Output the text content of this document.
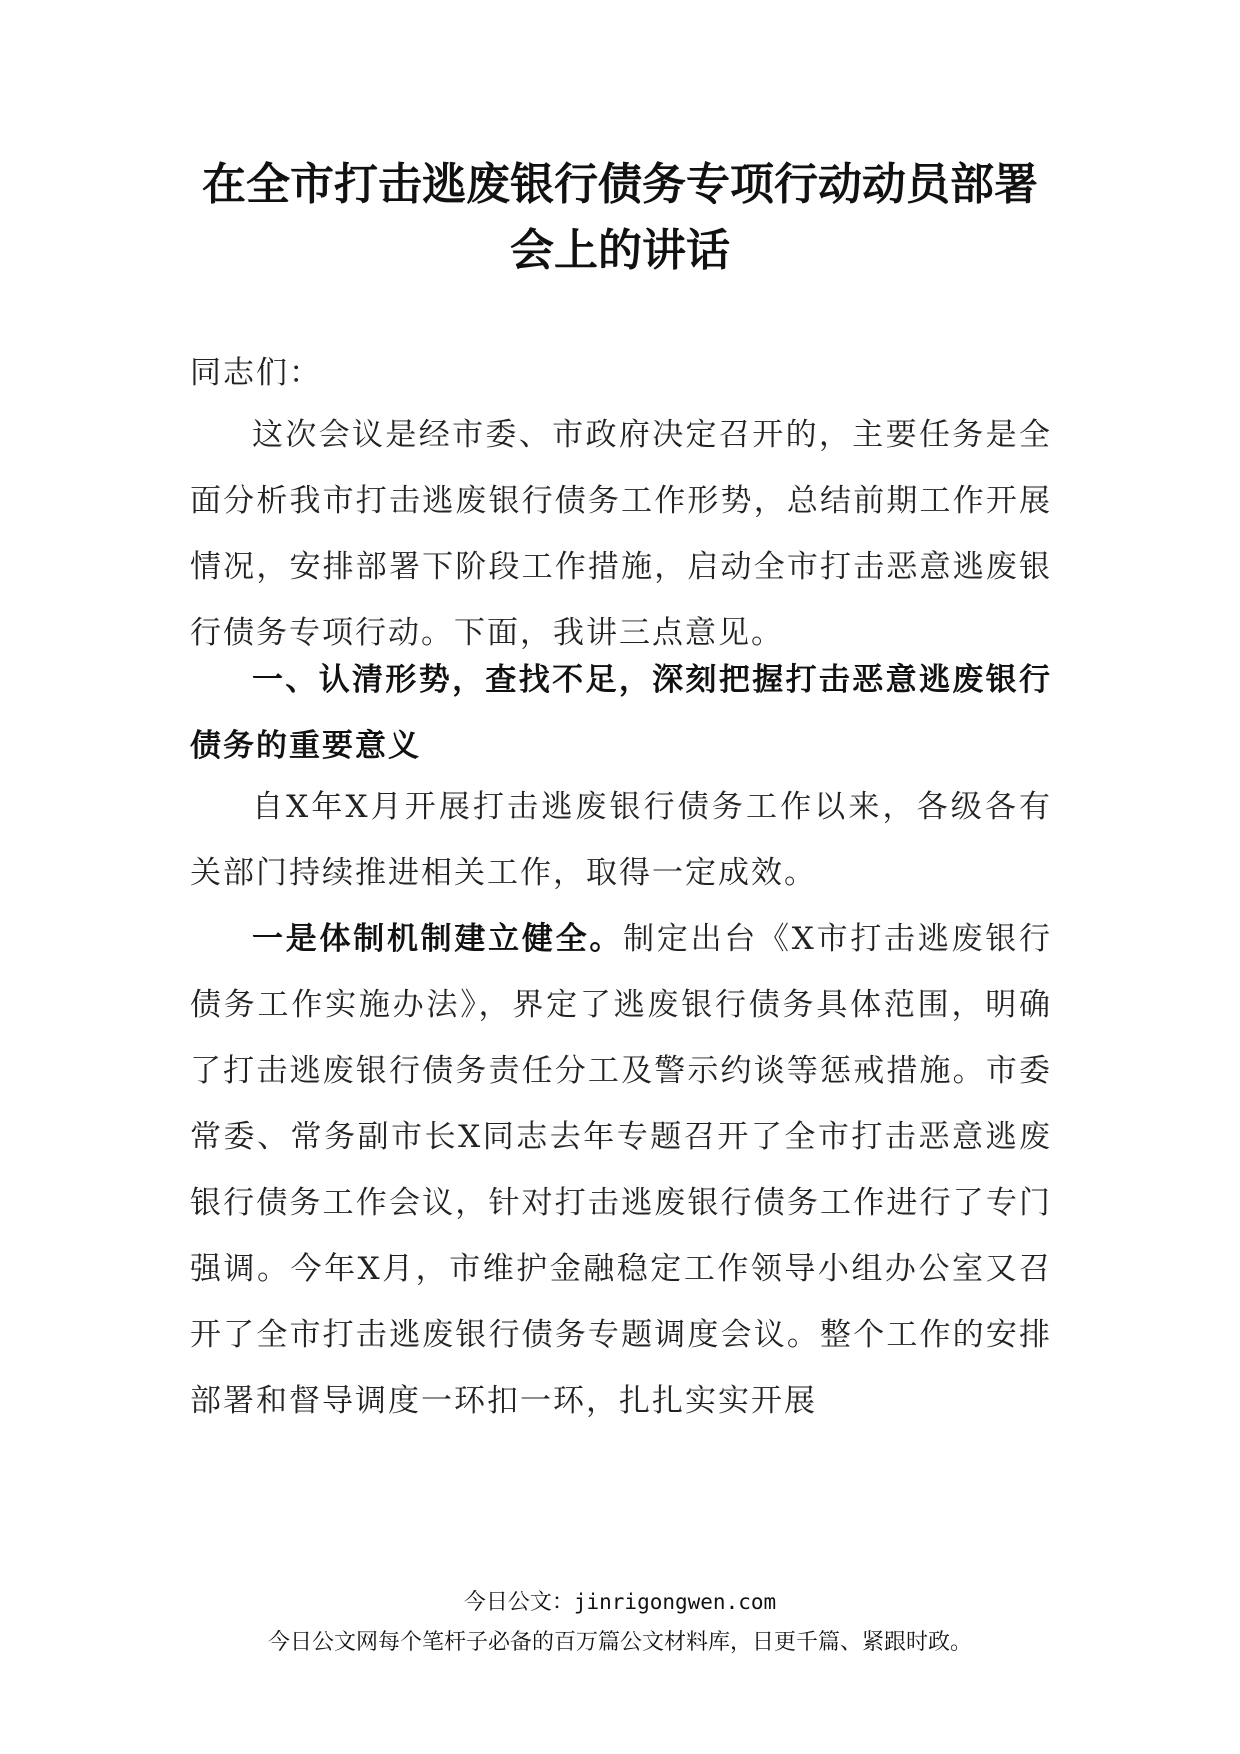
在全市打击逃废银行债务专项行动动员部署会上的讲话

同志们：

这次会议是经市委、市政府决定召开的，主要任务是全面分析我市打击逃废银行债务工作形势，总结前期工作开展情况，安排部署下阶段工作措施，启动全市打击恶意逃废银行债务专项行动。下面，我讲三点意见。

一、认清形势，查找不足，深刻把握打击恶意逃废银行债务的重要意义

自X年X月开展打击逃废银行债务工作以来，各级各有关部门持续推进相关工作，取得一定成效。

一是体制机制建立健全。制定出台《X市打击逃废银行债务工作实施办法》，界定了逃废银行债务具体范围，明确了打击逃废银行债务责任分工及警示约谈等惩戒措施。市委常委、常务副市长X同志去年专题召开了全市打击恶意逃废银行债务工作会议，针对打击逃废银行债务工作进行了专门强调。今年X月，市维护金融稳定工作领导小组办公室又召开了全市打击逃废银行债务专题调度会议。整个工作的安排部署和督导调度一环扣一环，扎扎实实开展

今日公文：jinrigongwen.com
今日公文网每个笔杆子必备的百万篇公文材料库，日更千篇、紧跟时政。
